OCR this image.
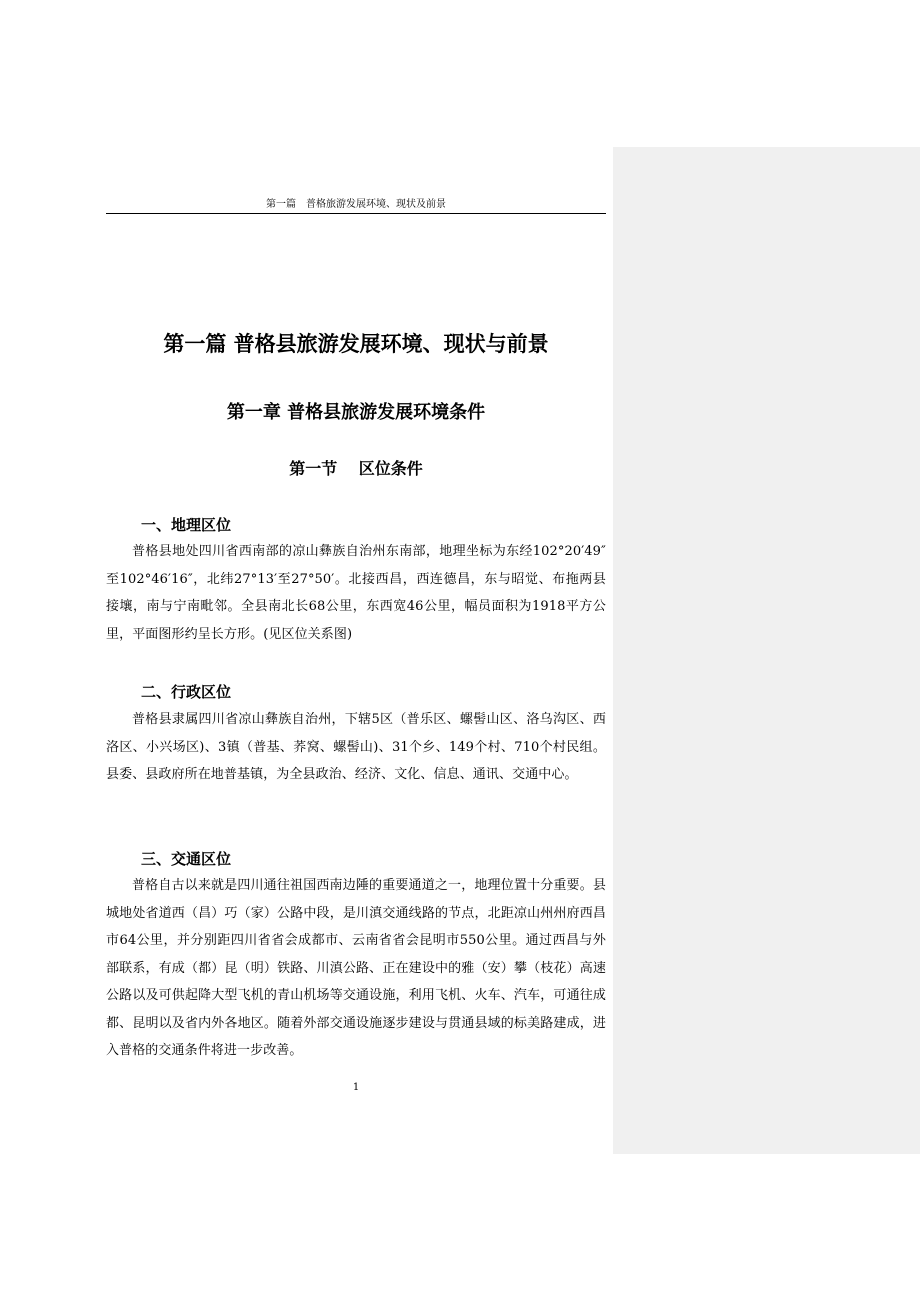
第一篇　普格旅游发展环境、现状及前景
第一篇 普格县旅游发展环境、现状与前景
第一章 普格县旅游发展环境条件
第一节　 区位条件
一、地理区位

普格县地处四川省西南部的凉山彝族自治州东南部，地理坐标为东经102°20′49″至102°46′16″，北纬27°13′至27°50′。北接西昌，西连德昌，东与昭觉、布拖两县接壤，南与宁南毗邻。全县南北长68公里，东西宽46公里，幅员面积为1918平方公里，平面图形约呈长方形。(见区位关系图)

二、行政区位

普格县隶属四川省凉山彝族自治州，下辖5区（普乐区、螺髻山区、洛乌沟区、西洛区、小兴场区)、3镇（普基、荞窝、螺髻山)、31个乡、149个村、710个村民组。县委、县政府所在地普基镇，为全县政治、经济、文化、信息、通讯、交通中心。

三、交通区位

普格自古以来就是四川通往祖国西南边陲的重要通道之一，地理位置十分重要。县城地处省道西（昌）巧（家）公路中段，是川滇交通线路的节点，北距凉山州州府西昌市64公里，并分别距四川省省会成都市、云南省省会昆明市550公里。通过西昌与外部联系，有成（都）昆（明）铁路、川滇公路、正在建设中的雅（安）攀（枝花）高速公路以及可供起降大型飞机的青山机场等交通设施，利用飞机、火车、汽车，可通往成都、昆明以及省内外各地区。随着外部交通设施逐步建设与贯通县域的标美路建成，进入普格的交通条件将进一步改善。

1
